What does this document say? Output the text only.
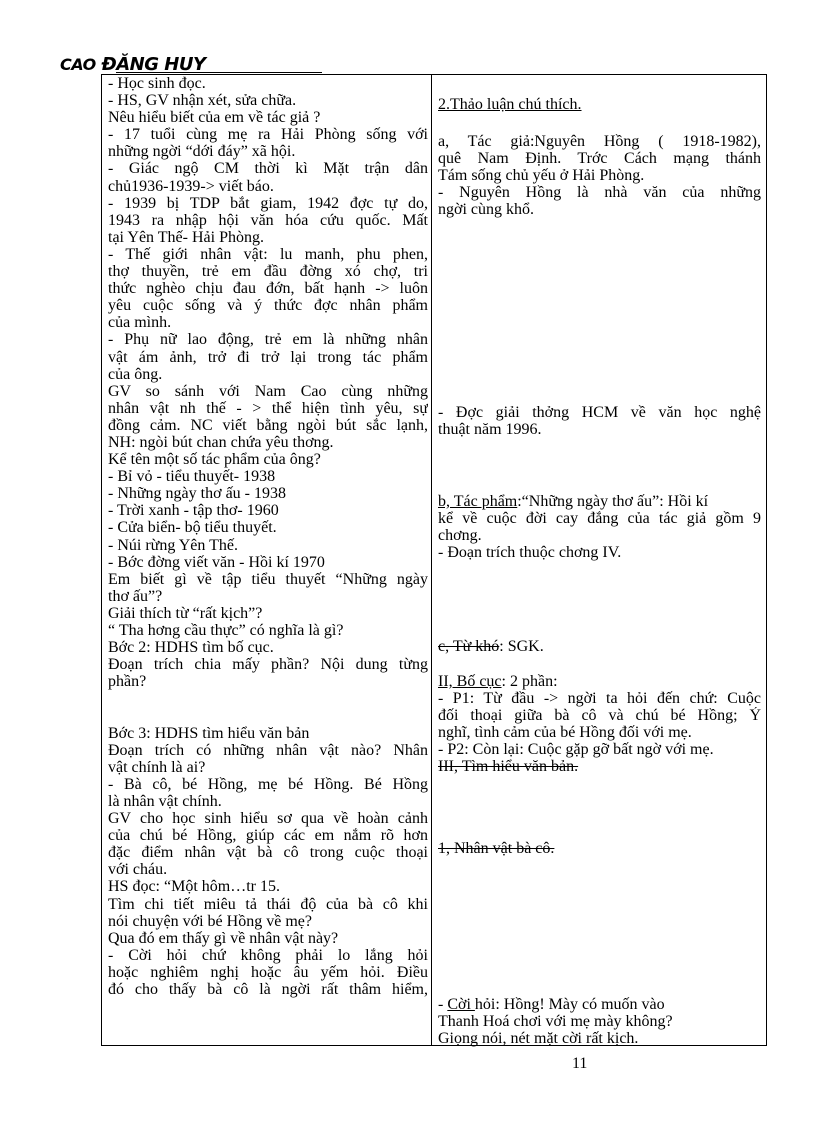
CAO ĐĂNG HUY
- Học sinh đọc.
- HS, GV nhận xét, sửa chữa.
Nêu hiểu biết của em về tác giả ?
- 17 tuổi cùng mẹ ra Hải Phòng sống với
những ngời “dới đáy” xã hội.
- Giác ngộ CM thời kì Mặt trận dân
chủ1936-1939-> viết báo.
- 1939 bị TDP bắt giam, 1942 đợc tự do,
1943 ra nhập hội văn hóa cứu quốc. Mất
tại Yên Thế- Hải Phòng.
- Thế giới nhân vật: lu manh, phu phen,
thợ thuyền, trẻ em đầu đờng xó chợ, tri
thức nghèo chịu đau đớn, bất hạnh -> luôn
yêu cuộc sống và ý thức đợc nhân phẩm
của mình.
- Phụ nữ lao động, trẻ em là những nhân
vật ám ảnh, trở đi trở lại trong tác phẩm
của ông.
GV so sánh với Nam Cao cùng những
nhân vật nh thế - > thể hiện tình yêu, sự
đồng cảm. NC viết bằng ngòi bút sắc lạnh,
NH: ngòi bút chan chứa yêu thơng.
Kể tên một số tác phẩm của ông?
- Bỉ vỏ - tiểu thuyết- 1938
- Những ngày thơ ấu - 1938
- Trời xanh - tập thơ- 1960
- Cửa biển- bộ tiểu thuyết.
- Núi rừng Yên Thế.
- Bớc đờng viết văn - Hồi kí 1970
Em biết gì về tập tiểu thuyết “Những ngày
thơ ấu”?
Giải thích từ “rất kịch”?
“ Tha hơng cầu thực” có nghĩa là gì?
Bớc 2: HDHS tìm bố cục.
Đoạn trích chia mấy phần? Nội dung từng
phần?

Bớc 3: HDHS tìm hiểu văn bản
Đoạn trích có những nhân vật nào? Nhân
vật chính là ai?
- Bà cô, bé Hồng, mẹ bé Hồng. Bé Hồng
là nhân vật chính.
GV cho học sinh hiểu sơ qua về hoàn cảnh
của chú bé Hồng, giúp các em nắm rõ hơn
đặc điểm nhân vật bà cô trong cuộc thoại
với cháu.
HS đọc: “Một hôm…tr 15.
Tìm chi tiết miêu tả thái độ của bà cô khi
nói chuyện với bé Hồng về mẹ?
Qua đó em thấy gì về nhân vật này?
- Cời hỏi chứ không phải lo lắng hỏi
hoặc nghiêm nghị hoặc âu yếm hỏi. Điều
đó cho thấy bà cô là ngời rất thâm hiểm,
2.Thảo luận chú thích.
a, Tác giả:Nguyên Hồng ( 1918-1982),
quê Nam Định. Trớc Cách mạng thánh
Tám sống chủ yếu ở Hải Phòng.
- Nguyên Hồng là nhà văn của những
ngời cùng khổ.
- Đợc giải thởng HCM về văn học nghệ
thuật năm 1996.
b, Tác phẩm:“Những ngày thơ ấu”: Hồi kí
kể về cuộc đời cay đắng của tác giả gồm 9
chơng.
- Đoạn trích thuộc chơng IV.
c, Từ khó: SGK.
II, Bố cục: 2 phần:
- P1: Từ đầu -> ngời ta hỏi đến chứ: Cuộc
đối thoại giữa bà cô và chú bé Hồng; Ý
nghĩ, tình cảm của bé Hồng đối với mẹ.
- P2: Còn lại: Cuộc gặp gỡ bất ngờ với mẹ.
III, Tìm hiểu văn bản.
1, Nhân vật bà cô.
- Cời hỏi: Hồng! Mày có muốn vào
Thanh Hoá chơi với mẹ mày không?
Giọng nói, nét mặt cời rất kịch.
11
